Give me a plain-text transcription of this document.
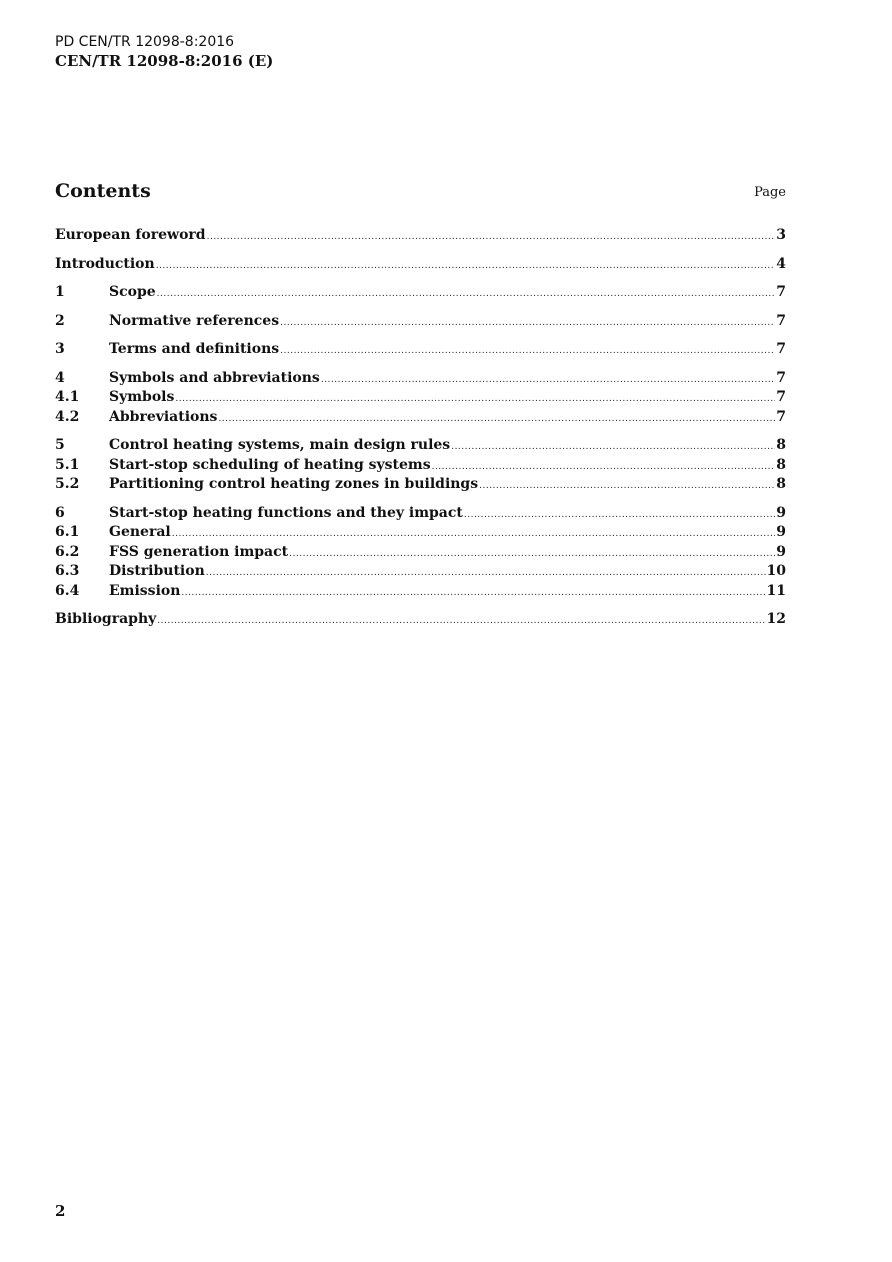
PD CEN/TR 12098-8:2016
CEN/TR 12098-8:2016 (E)
Contents	Page
European foreword .....	3
Introduction .....	4
1	Scope .....	7
2	Normative references .....	7
3	Terms and definitions .....	7
4	Symbols and abbreviations .....	7
4.1	Symbols .....	7
4.2	Abbreviations .....	7
5	Control heating systems, main design rules .....	8
5.1	Start-stop scheduling of heating systems .....	8
5.2	Partitioning control heating zones in buildings .....	8
6	Start-stop heating functions and they impact .....	9
6.1	General .....	9
6.2	FSS generation impact .....	9
6.3	Distribution .....	10
6.4	Emission .....	11
Bibliography .....	12
2
